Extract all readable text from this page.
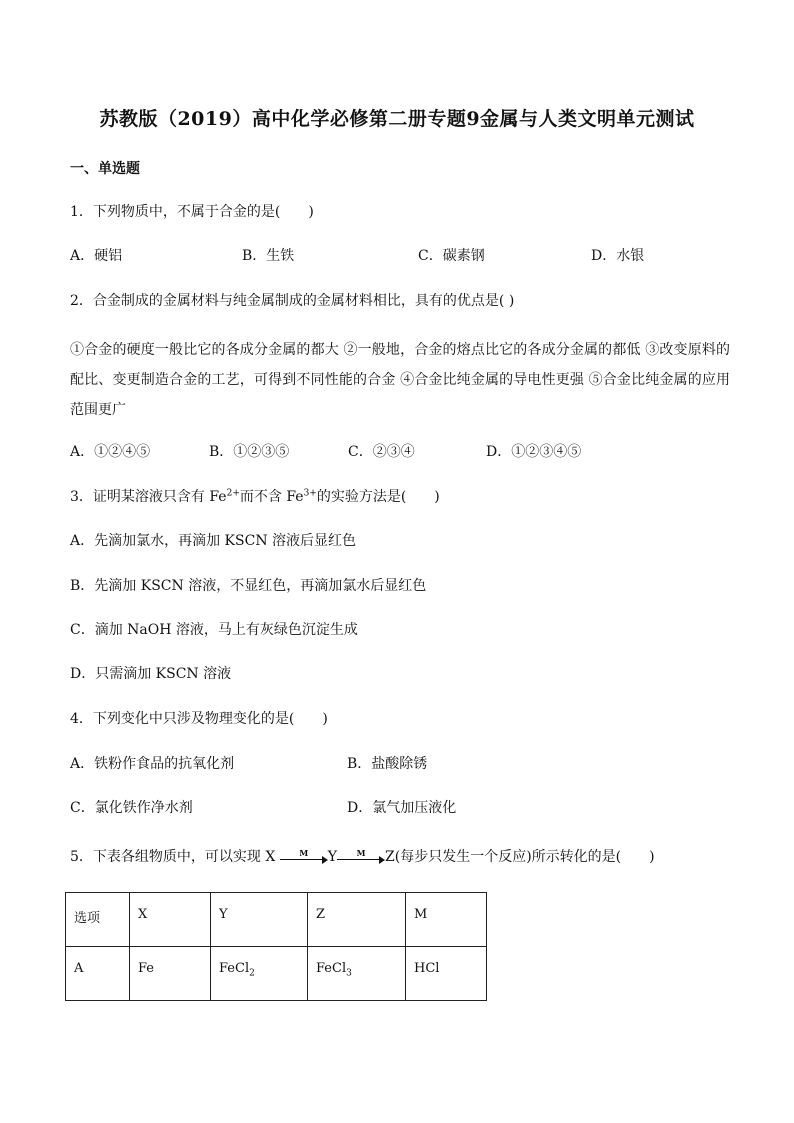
苏教版（2019）高中化学必修第二册专题9金属与人类文明单元测试
一、单选题
1．下列物质中，不属于合金的是(　　)
A．硬铝	B．生铁	C．碳素钢	D．水银
2．合金制成的金属材料与纯金属制成的金属材料相比，具有的优点是( )
①合金的硬度一般比它的各成分金属的都大 ②一般地，合金的熔点比它的各成分金属的都低 ③改变原料的配比、变更制造合金的工艺，可得到不同性能的合金 ④合金比纯金属的导电性更强 ⑤合金比纯金属的应用范围更广
A．①②④⑤	B．①②③⑤	C．②③④	D．①②③④⑤
3．证明某溶液只含有 $Fe^{2+}$而不含 $Fe^{3+}$的实验方法是(　　)
A．先滴加氯水，再滴加 KSCN 溶液后显红色
B．先滴加 KSCN 溶液，不显红色，再滴加氯水后显红色
C．滴加 NaOH 溶液，马上有灰绿色沉淀生成
D．只需滴加 KSCN 溶液
4．下列变化中只涉及物理变化的是(　　)
A．铁粉作食品的抗氧化剂	B．盐酸除锈
C．氯化铁作净水剂	D．氯气加压液化
5．下表各组物质中，可以实现 X	M	Y	M	Z(每步只发生一个反应)所示转化的是(　　)
选项	X	Y	Z	M
A	Fe	FeCl$_2$	FeCl$_3$	HCl
